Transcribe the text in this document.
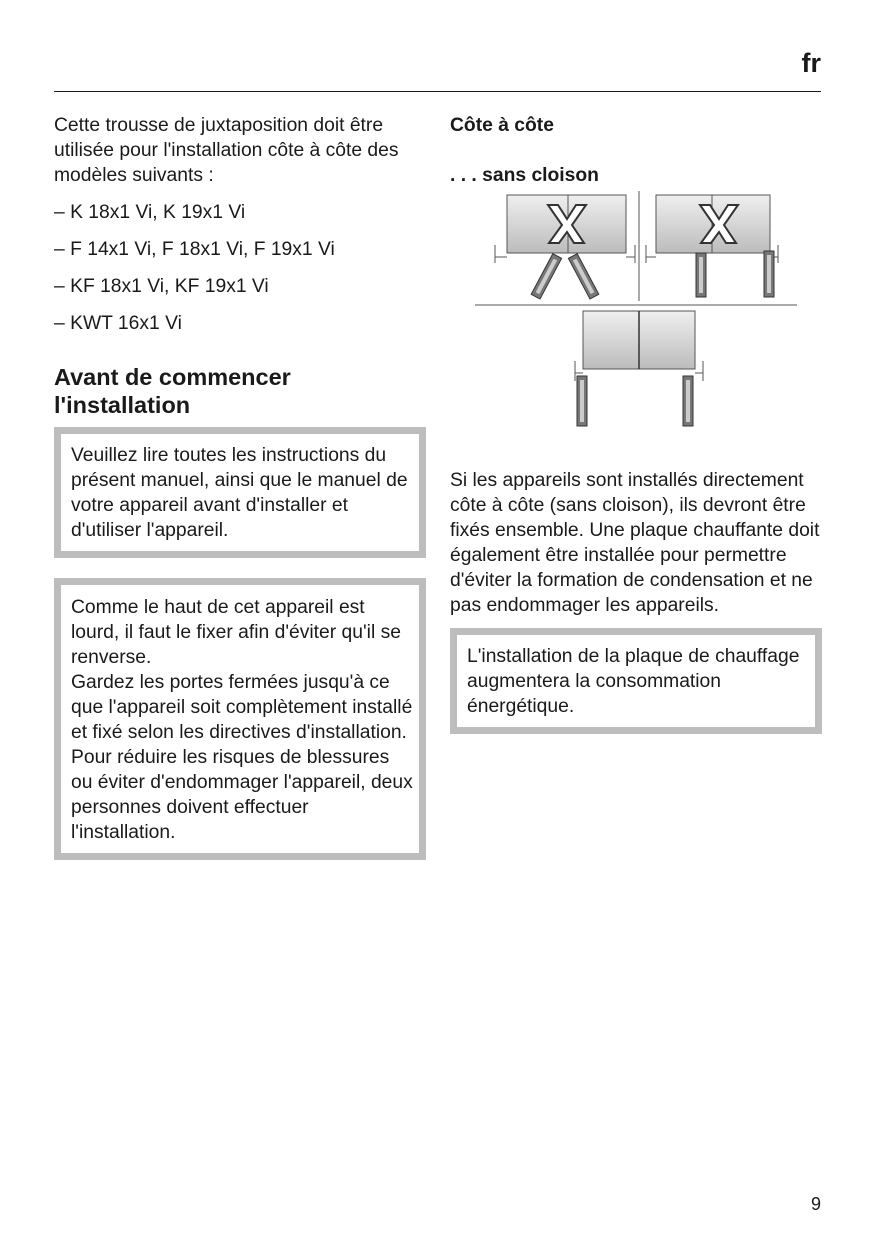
fr

Cette trousse de juxtaposition doit être utilisée pour l'installation côte à côte des modèles suivants :

– K 18x1 Vi, K 19x1 Vi

– F 14x1 Vi, F 18x1 Vi, F 19x1 Vi

– KF 18x1 Vi, KF 19x1 Vi

– KWT 16x1 Vi

Avant de commencer l'installation

Veuillez lire toutes les instructions du présent manuel, ainsi que le manuel de votre appareil avant d'installer et d'utiliser l'appareil.

Comme le haut de cet appareil est lourd, il faut le fixer afin d'éviter qu'il se renverse.

Gardez les portes fermées jusqu'à ce que l'appareil soit complètement installé et fixé selon les directives d'installation.

Pour réduire les risques de blessures ou éviter d'endommager l'appareil, deux personnes doivent effectuer l'installation.

Côte à côte
. . . sans cloison

Si les appareils sont installés directement côte à côte (sans cloison), ils devront être fixés ensemble. Une plaque chauffante doit également être installée pour permettre d'éviter la formation de condensation et ne pas endommager les appareils.

L'installation de la plaque de chauffage augmentera la consommation énergétique.

9
